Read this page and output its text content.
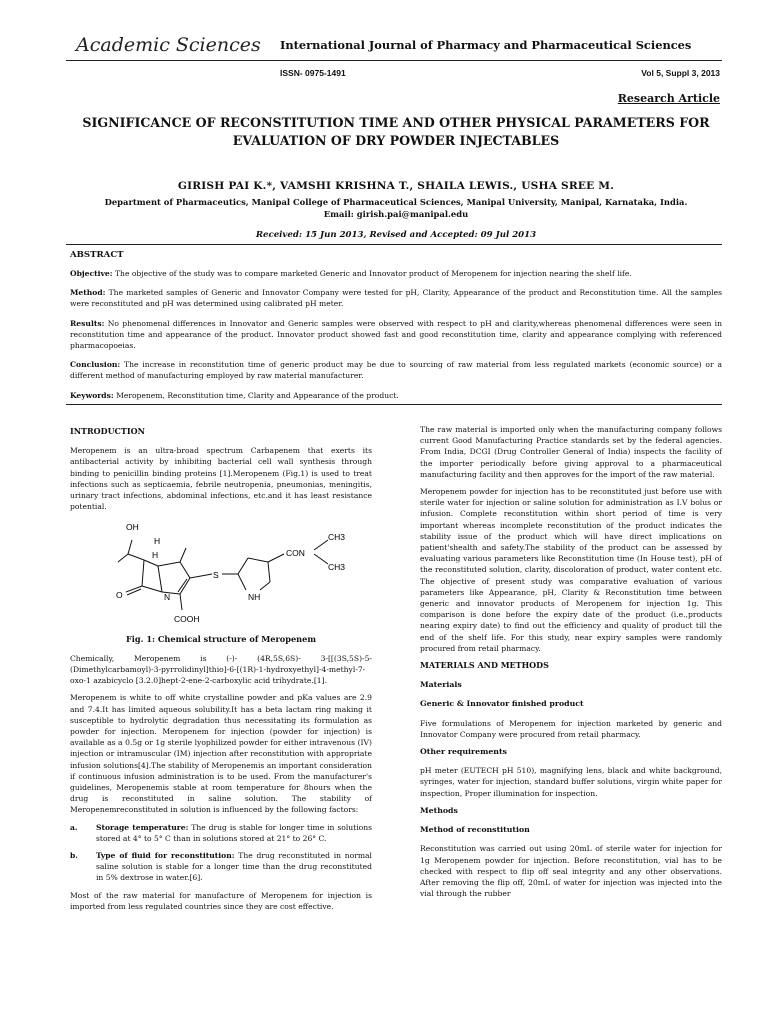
Academic Sciences International Journal of Pharmacy and Pharmaceutical Sciences
ISSN- 0975-1491	Vol 5, Suppl 3, 2013
Research Article
SIGNIFICANCE OF RECONSTITUTION TIME AND OTHER PHYSICAL PARAMETERS FOR EVALUATION OF DRY POWDER INJECTABLES
GIRISH PAI K.*, VAMSHI KRISHNA T., SHAILA LEWIS., USHA SREE M.
Department of Pharmaceutics, Manipal College of Pharmaceutical Sciences, Manipal University, Manipal, Karnataka, India.
Email: girish.pai@manipal.edu
Received: 15 Jun 2013, Revised and Accepted: 09 Jul 2013
ABSTRACT

Objective: The objective of the study was to compare marketed Generic and Innovator product of Meropenem for injection nearing the shelf life.

Method: The marketed samples of Generic and Innovator Company were tested for pH, Clarity, Appearance of the product and Reconstitution time. All the samples were reconstituted and pH was determined using calibrated pH meter.

Results: No phenomenal differences in Innovator and Generic samples were observed with respect to pH and clarity,whereas phenomenal differences were seen in reconstitution time and appearance of the product. Innovator product showed fast and good reconstitution time, clarity and appearance complying with referenced pharmacopoeias.

Conclusion: The increase in reconstitution time of generic product may be due to sourcing of raw material from less regulated markets (economic source) or a different method of manufacturing employed by raw material manufacturer.

Keywords: Meropenem, Reconstitution time, Clarity and Appearance of the product.

INTRODUCTION

Meropenem is an ultra-broad spectrum Carbapenem that exerts its antibacterial activity by inhibiting bacterial cell wall synthesis through binding to penicillin binding proteins [1].Meropenem (Fig.1) is used to treat infections such as septicaemia, febrile neutropenia, pneumonias, meningitis, urinary tract infections, abdominal infections, etc.and it has least resistance potential.

OH
H
H
O	N
S
NH
CON
CH3
CH3
COOH
Fig. 1: Chemical structure of Meropenem

Chemically, Meropenem is (-)- (4R,5S,6S)- 3-[[(3S,5S)-5-(Dimethylcarbamoyl)-3-pyrrolidinyl]thio]-6-[(1R)-1-hydroxyethyl]-4-methyl-7-oxo-1 azabicyclo [3.2.0]hept-2-ene-2-carboxylic acid trihydrate.[1].

Meropenem is white to off white crystalline powder and pKa values are 2.9 and 7.4.It has limited aqueous solubility.It has a beta lactam ring making it susceptible to hydrolytic degradation thus necessitating its formulation as powder for injection. Meropenem for injection (powder for injection) is available as a 0.5g or 1g sterile lyophilized powder for either intravenous (IV) injection or intramuscular (IM) injection after reconstitution with appropriate infusion solutions[4].The stability of Meropenemis an important consideration if continuous infusion administration is to be used. From the manufacturer's guidelines, Meropenemis stable at room temperature for 8hours when the drug is reconstituted in saline solution. The stability of Meropenemreconstituted in solution is influenced by the following factors:

a.	Storage temperature: The drug is stable for longer time in solutions stored at 4° to 5° C than in solutions stored at 21° to 26° C.
b.	Type of fluid for reconstitution: The drug reconstituted in normal saline solution is stable for a longer time than the drug reconstituted in 5% dextrose in water.[6].

Most of the raw material for manufacture of Meropenem for injection is imported from less regulated countries since they are cost effective.

The raw material is imported only when the manufacturing company follows current Good Manufacturing Practice standards set by the federal agencies. From India, DCGI (Drug Controller General of India) inspects the facility of the importer periodically before giving approval to a pharmaceutical manufacturing facility and then approves for the import of the raw material.

Meropenem powder for injection has to be reconstituted just before use with sterile water for injection or saline solution for administration as I.V bolus or infusion. Complete reconstitution within short period of time is very important whereas incomplete reconstitution of the product indicates the stability issue of the product which will have direct implications on patient'shealth and safety.The stability of the product can be assessed by evaluating various parameters like Reconstitution time (In House test), pH of the reconstituted solution, clarity, discoloration of product, water content etc. The objective of present study was comparative evaluation of various parameters like Appearance, pH, Clarity & Reconstitution time between generic and innovator products of Meropenem for injection 1g. This comparison is done before the expiry date of the product (i.e.,products nearing expiry date) to find out the efficiency and quality of product till the end of the shelf life. For this study, near expiry samples were randomly procured from retail pharmacy.

MATERIALS AND METHODS
Materials
Generic & Innovator finished product

Five formulations of Meropenem for injection marketed by generic and Innovator Company were procured from retail pharmacy.

Other requirements

pH meter (EUTECH pH 510), magnifying lens, black and white background, syringes, water for injection, standard buffer solutions, virgin white paper for inspection, Proper illumination for inspection.

Methods
Method of reconstitution

Reconstitution was carried out using 20mL of sterile water for injection for 1g Meropenem powder for injection. Before reconstitution, vial has to be checked with respect to flip off seal integrity and any other observations. After removing the flip off, 20mL of water for injection was injected into the vial through the rubber
